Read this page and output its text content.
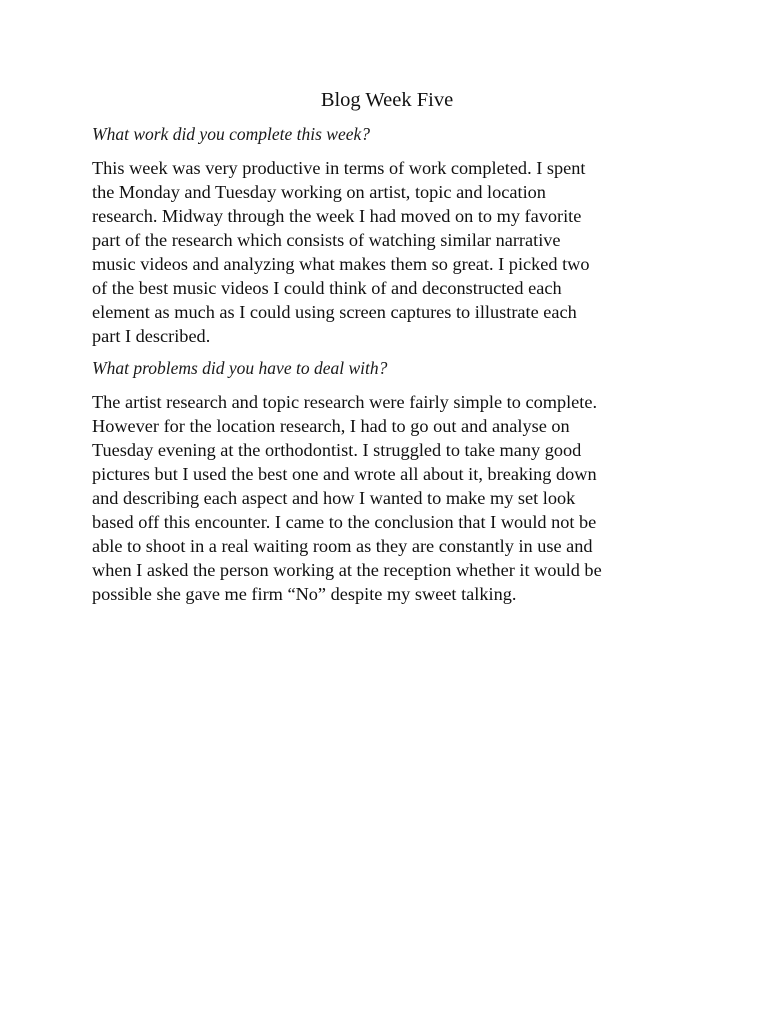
Blog Week Five

What work did you complete this week?

This week was very productive in terms of work completed. I spent
the Monday and Tuesday working on artist, topic and location
research. Midway through the week I had moved on to my favorite
part of the research which consists of watching similar narrative
music videos and analyzing what makes them so great. I picked two
of the best music videos I could think of and deconstructed each
element as much as I could using screen captures to illustrate each
part I described.

What problems did you have to deal with?

The artist research and topic research were fairly simple to complete.
However for the location research, I had to go out and analyse on
Tuesday evening at the orthodontist. I struggled to take many good
pictures but I used the best one and wrote all about it, breaking down
and describing each aspect and how I wanted to make my set look
based off this encounter. I came to the conclusion that I would not be
able to shoot in a real waiting room as they are constantly in use and
when I asked the person working at the reception whether it would be
possible she gave me firm “No” despite my sweet talking.
